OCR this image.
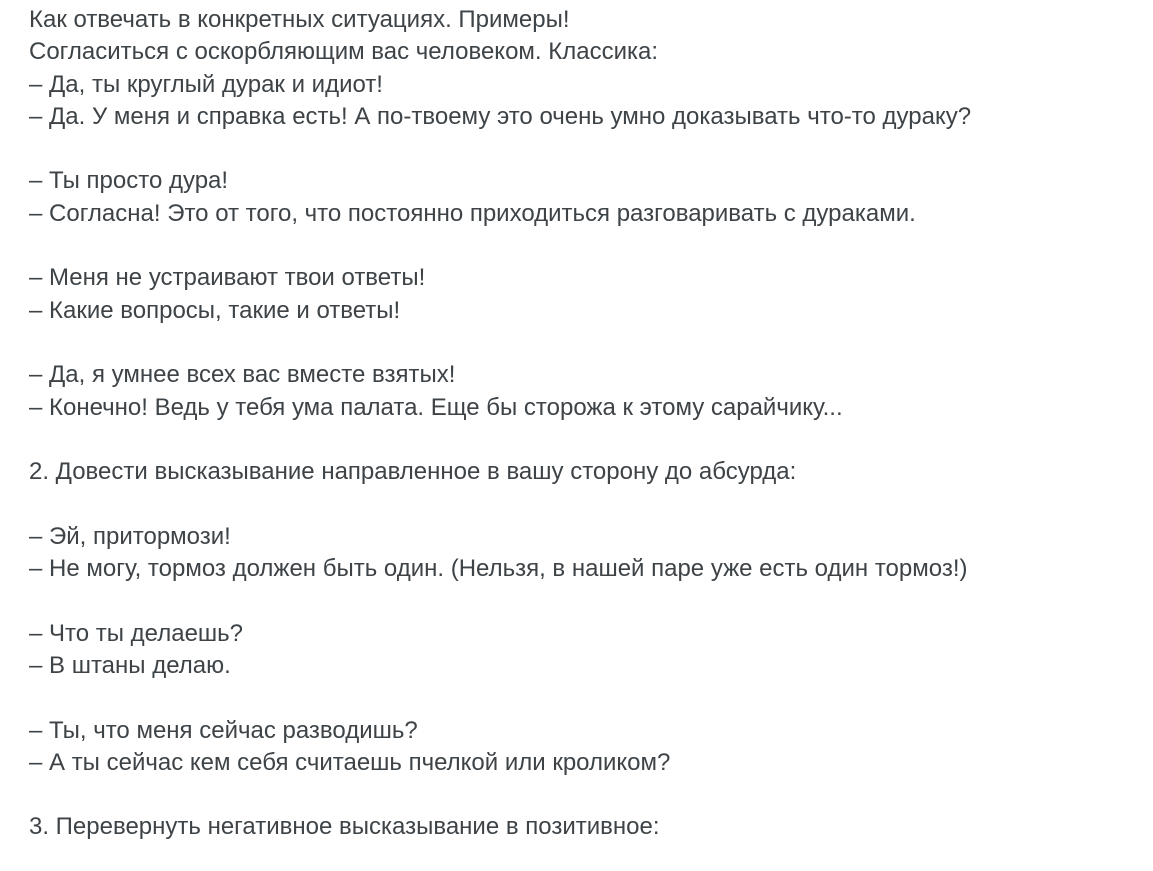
Как отвечать в конкретных ситуациях. Примеры!
Согласиться с оскорбляющим вас человеком. Классика:
– Да, ты круглый дурак и идиот!
– Да. У меня и справка есть! А по-твоему это очень умно доказывать что-то дураку?
– Ты просто дура!
– Согласна! Это от того, что постоянно приходиться разговаривать с дураками.
– Меня не устраивают твои ответы!
– Какие вопросы, такие и ответы!
– Да, я умнее всех вас вместе взятых!
– Конечно! Ведь у тебя ума палата. Еще бы сторожа к этому сарайчику...
2. Довести высказывание направленное в вашу сторону до абсурда:
– Эй, притормози!
– Не могу, тормоз должен быть один. (Нельзя, в нашей паре уже есть один тормоз!)
– Что ты делаешь?
– В штаны делаю.
– Ты, что меня сейчас разводишь?
– А ты сейчас кем себя считаешь пчелкой или кроликом?
3. Перевернуть негативное высказывание в позитивное:
